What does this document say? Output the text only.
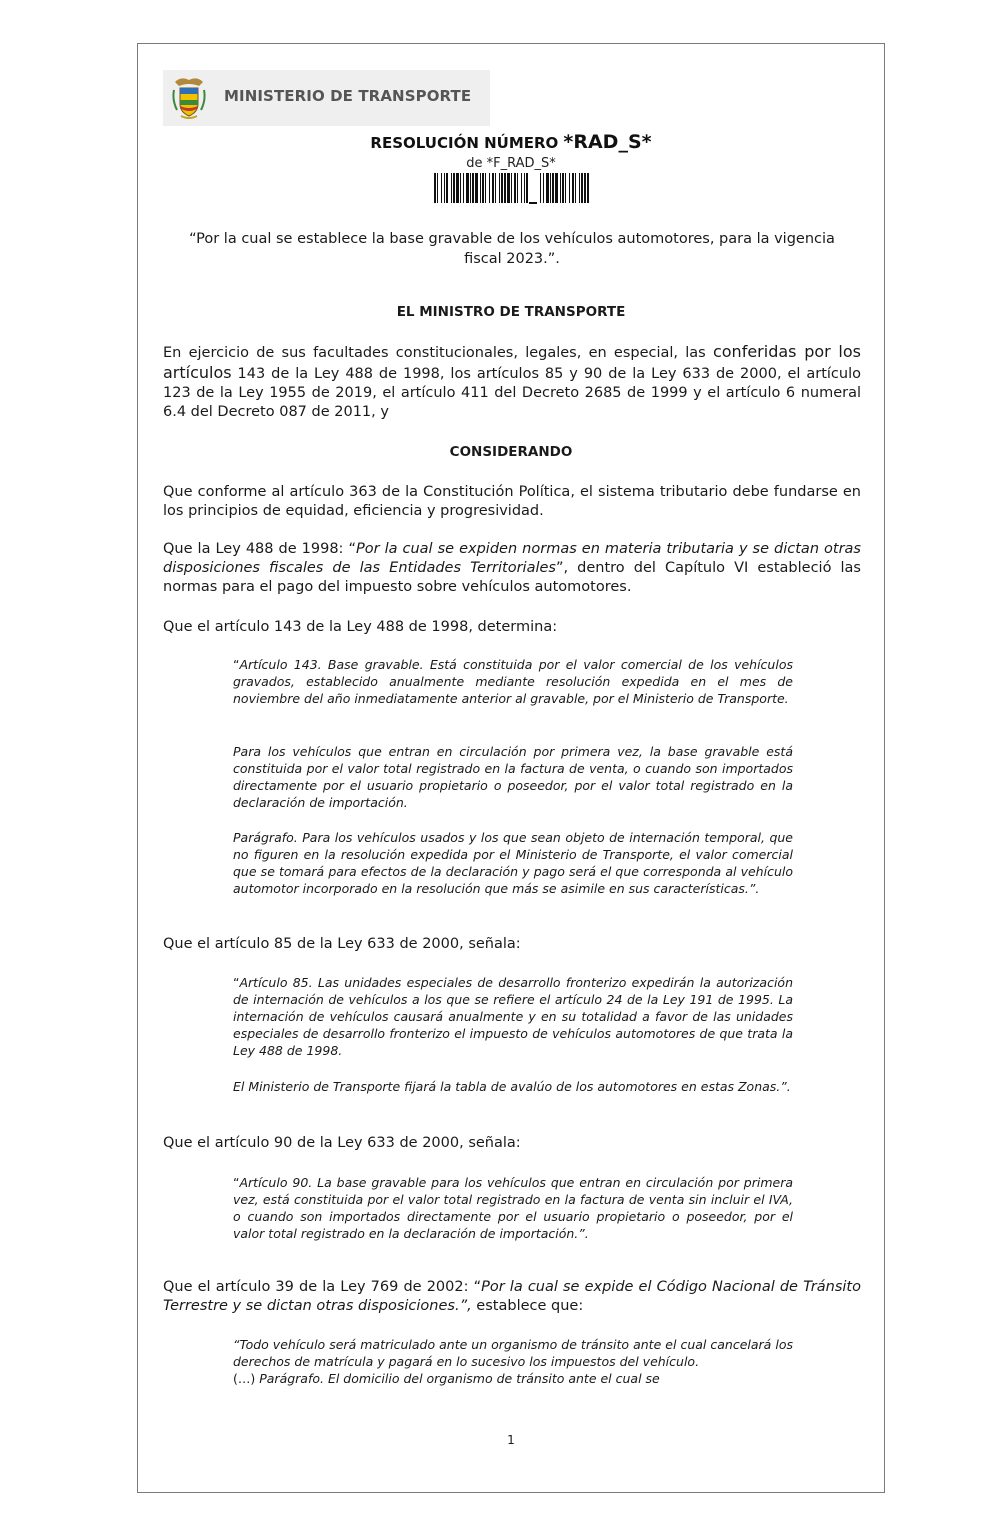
MINISTERIO DE TRANSPORTE
RESOLUCIÓN NÚMERO *RAD_S*
de *F_RAD_S*
“Por la cual se establece la base gravable de los vehículos automotores, para la vigencia fiscal 2023.”.
EL MINISTRO DE TRANSPORTE
En ejercicio de sus facultades constitucionales, legales, en especial, las conferidas por los artículos 143 de la Ley 488 de 1998, los artículos 85 y 90 de la Ley 633 de 2000, el artículo 123 de la Ley 1955 de 2019, el artículo 411 del Decreto 2685 de 1999 y el artículo 6 numeral 6.4 del Decreto 087 de 2011, y
CONSIDERANDO
Que conforme al artículo 363 de la Constitución Política, el sistema tributario debe fundarse en los principios de equidad, eficiencia y progresividad.
Que la Ley 488 de 1998: “Por la cual se expiden normas en materia tributaria y se dictan otras disposiciones fiscales de las Entidades Territoriales”, dentro del Capítulo VI estableció las normas para el pago del impuesto sobre vehículos automotores.
Que el artículo 143 de la Ley 488 de 1998, determina:
“Artículo 143. Base gravable. Está constituida por el valor comercial de los vehículos gravados, establecido anualmente mediante resolución expedida en el mes de noviembre del año inmediatamente anterior al gravable, por el Ministerio de Transporte.
Para los vehículos que entran en circulación por primera vez, la base gravable está constituida por el valor total registrado en la factura de venta, o cuando son importados directamente por el usuario propietario o poseedor, por el valor total registrado en la declaración de importación.
Parágrafo. Para los vehículos usados y los que sean objeto de internación temporal, que no figuren en la resolución expedida por el Ministerio de Transporte, el valor comercial que se tomará para efectos de la declaración y pago será el que corresponda al vehículo automotor incorporado en la resolución que más se asimile en sus características.”.
Que el artículo 85 de la Ley 633 de 2000, señala:
“Artículo 85. Las unidades especiales de desarrollo fronterizo expedirán la autorización de internación de vehículos a los que se refiere el artículo 24 de la Ley 191 de 1995. La internación de vehículos causará anualmente y en su totalidad a favor de las unidades especiales de desarrollo fronterizo el impuesto de vehículos automotores de que trata la Ley 488 de 1998.
El Ministerio de Transporte fijará la tabla de avalúo de los automotores en estas Zonas.”.
Que el artículo 90 de la Ley 633 de 2000, señala:
“Artículo 90. La base gravable para los vehículos que entran en circulación por primera vez, está constituida por el valor total registrado en la factura de venta sin incluir el IVA, o cuando son importados directamente por el usuario propietario o poseedor, por el valor total registrado en la declaración de importación.”.
Que el artículo 39 de la Ley 769 de 2002: “Por la cual se expide el Código Nacional de Tránsito Terrestre y se dictan otras disposiciones.”, establece que:
“Todo vehículo será matriculado ante un organismo de tránsito ante el cual cancelará los derechos de matrícula y pagará en lo sucesivo los impuestos del vehículo.
(…) Parágrafo. El domicilio del organismo de tránsito ante el cual se
1
